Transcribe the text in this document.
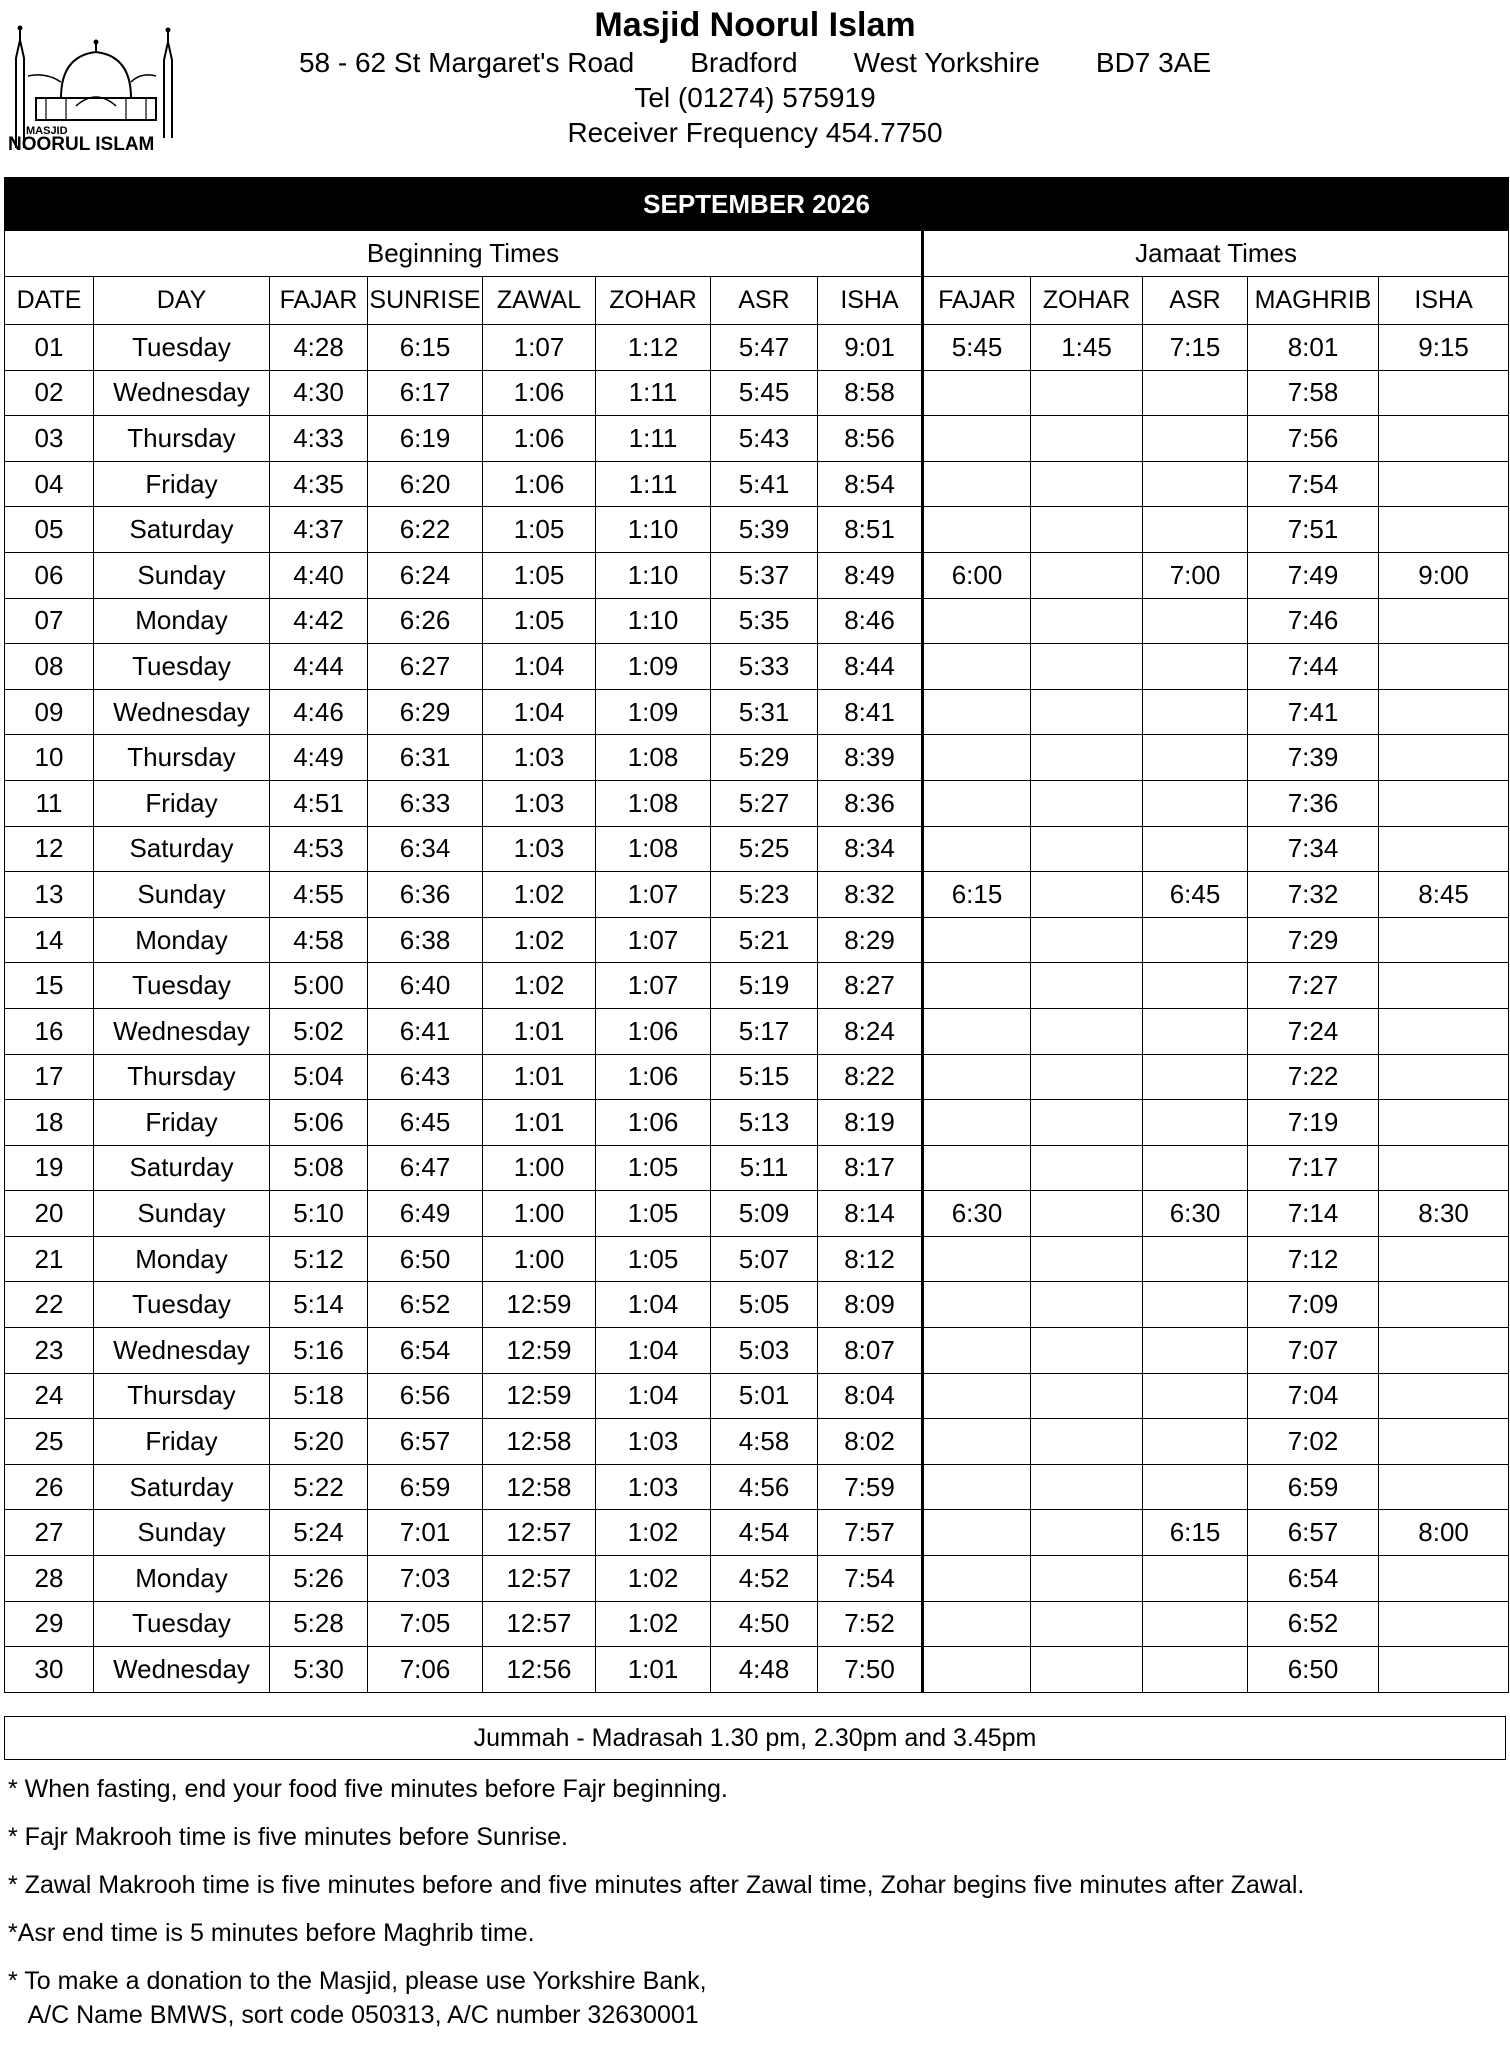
MASJID
NOORUL ISLAM
Masjid Noorul Islam
58 - 62 St Margaret's Road Bradford West Yorkshire BD7 3AE
Tel (01274) 575919
Receiver Frequency 454.7750
SEPTEMBER 2026												
Beginning Times								Jamaat Times				
DATE	DAY	FAJAR	SUNRISE	ZAWAL	ZOHAR	ASR	ISHA	FAJAR	ZOHAR	ASR	MAGHRIB	ISHA
01	Tuesday	4:28	6:15	1:07	1:12	5:47	9:01	5:45	1:45	7:15	8:01	9:15
02	Wednesday	4:30	6:17	1:06	1:11	5:45	8:58				7:58	
03	Thursday	4:33	6:19	1:06	1:11	5:43	8:56				7:56	
04	Friday	4:35	6:20	1:06	1:11	5:41	8:54				7:54	
05	Saturday	4:37	6:22	1:05	1:10	5:39	8:51				7:51	
06	Sunday	4:40	6:24	1:05	1:10	5:37	8:49	6:00		7:00	7:49	9:00
07	Monday	4:42	6:26	1:05	1:10	5:35	8:46				7:46	
08	Tuesday	4:44	6:27	1:04	1:09	5:33	8:44				7:44	
09	Wednesday	4:46	6:29	1:04	1:09	5:31	8:41				7:41	
10	Thursday	4:49	6:31	1:03	1:08	5:29	8:39				7:39	
11	Friday	4:51	6:33	1:03	1:08	5:27	8:36				7:36	
12	Saturday	4:53	6:34	1:03	1:08	5:25	8:34				7:34	
13	Sunday	4:55	6:36	1:02	1:07	5:23	8:32	6:15		6:45	7:32	8:45
14	Monday	4:58	6:38	1:02	1:07	5:21	8:29				7:29	
15	Tuesday	5:00	6:40	1:02	1:07	5:19	8:27				7:27	
16	Wednesday	5:02	6:41	1:01	1:06	5:17	8:24				7:24	
17	Thursday	5:04	6:43	1:01	1:06	5:15	8:22				7:22	
18	Friday	5:06	6:45	1:01	1:06	5:13	8:19				7:19	
19	Saturday	5:08	6:47	1:00	1:05	5:11	8:17				7:17	
20	Sunday	5:10	6:49	1:00	1:05	5:09	8:14	6:30		6:30	7:14	8:30
21	Monday	5:12	6:50	1:00	1:05	5:07	8:12				7:12	
22	Tuesday	5:14	6:52	12:59	1:04	5:05	8:09				7:09	
23	Wednesday	5:16	6:54	12:59	1:04	5:03	8:07				7:07	
24	Thursday	5:18	6:56	12:59	1:04	5:01	8:04				7:04	
25	Friday	5:20	6:57	12:58	1:03	4:58	8:02				7:02	
26	Saturday	5:22	6:59	12:58	1:03	4:56	7:59				6:59	
27	Sunday	5:24	7:01	12:57	1:02	4:54	7:57			6:15	6:57	8:00
28	Monday	5:26	7:03	12:57	1:02	4:52	7:54				6:54	
29	Tuesday	5:28	7:05	12:57	1:02	4:50	7:52				6:52	
30	Wednesday	5:30	7:06	12:56	1:01	4:48	7:50				6:50	
Jummah - Madrasah 1.30 pm, 2.30pm and 3.45pm
* When fasting, end your food five minutes before Fajr beginning.
* Fajr Makrooh time is five minutes before Sunrise.
* Zawal Makrooh time is five minutes before and five minutes after Zawal time, Zohar begins five minutes after Zawal.
*Asr end time is 5 minutes before Maghrib time.
* To make a donation to the Masjid, please use Yorkshire Bank,
A/C Name BMWS, sort code 050313, A/C number 32630001
